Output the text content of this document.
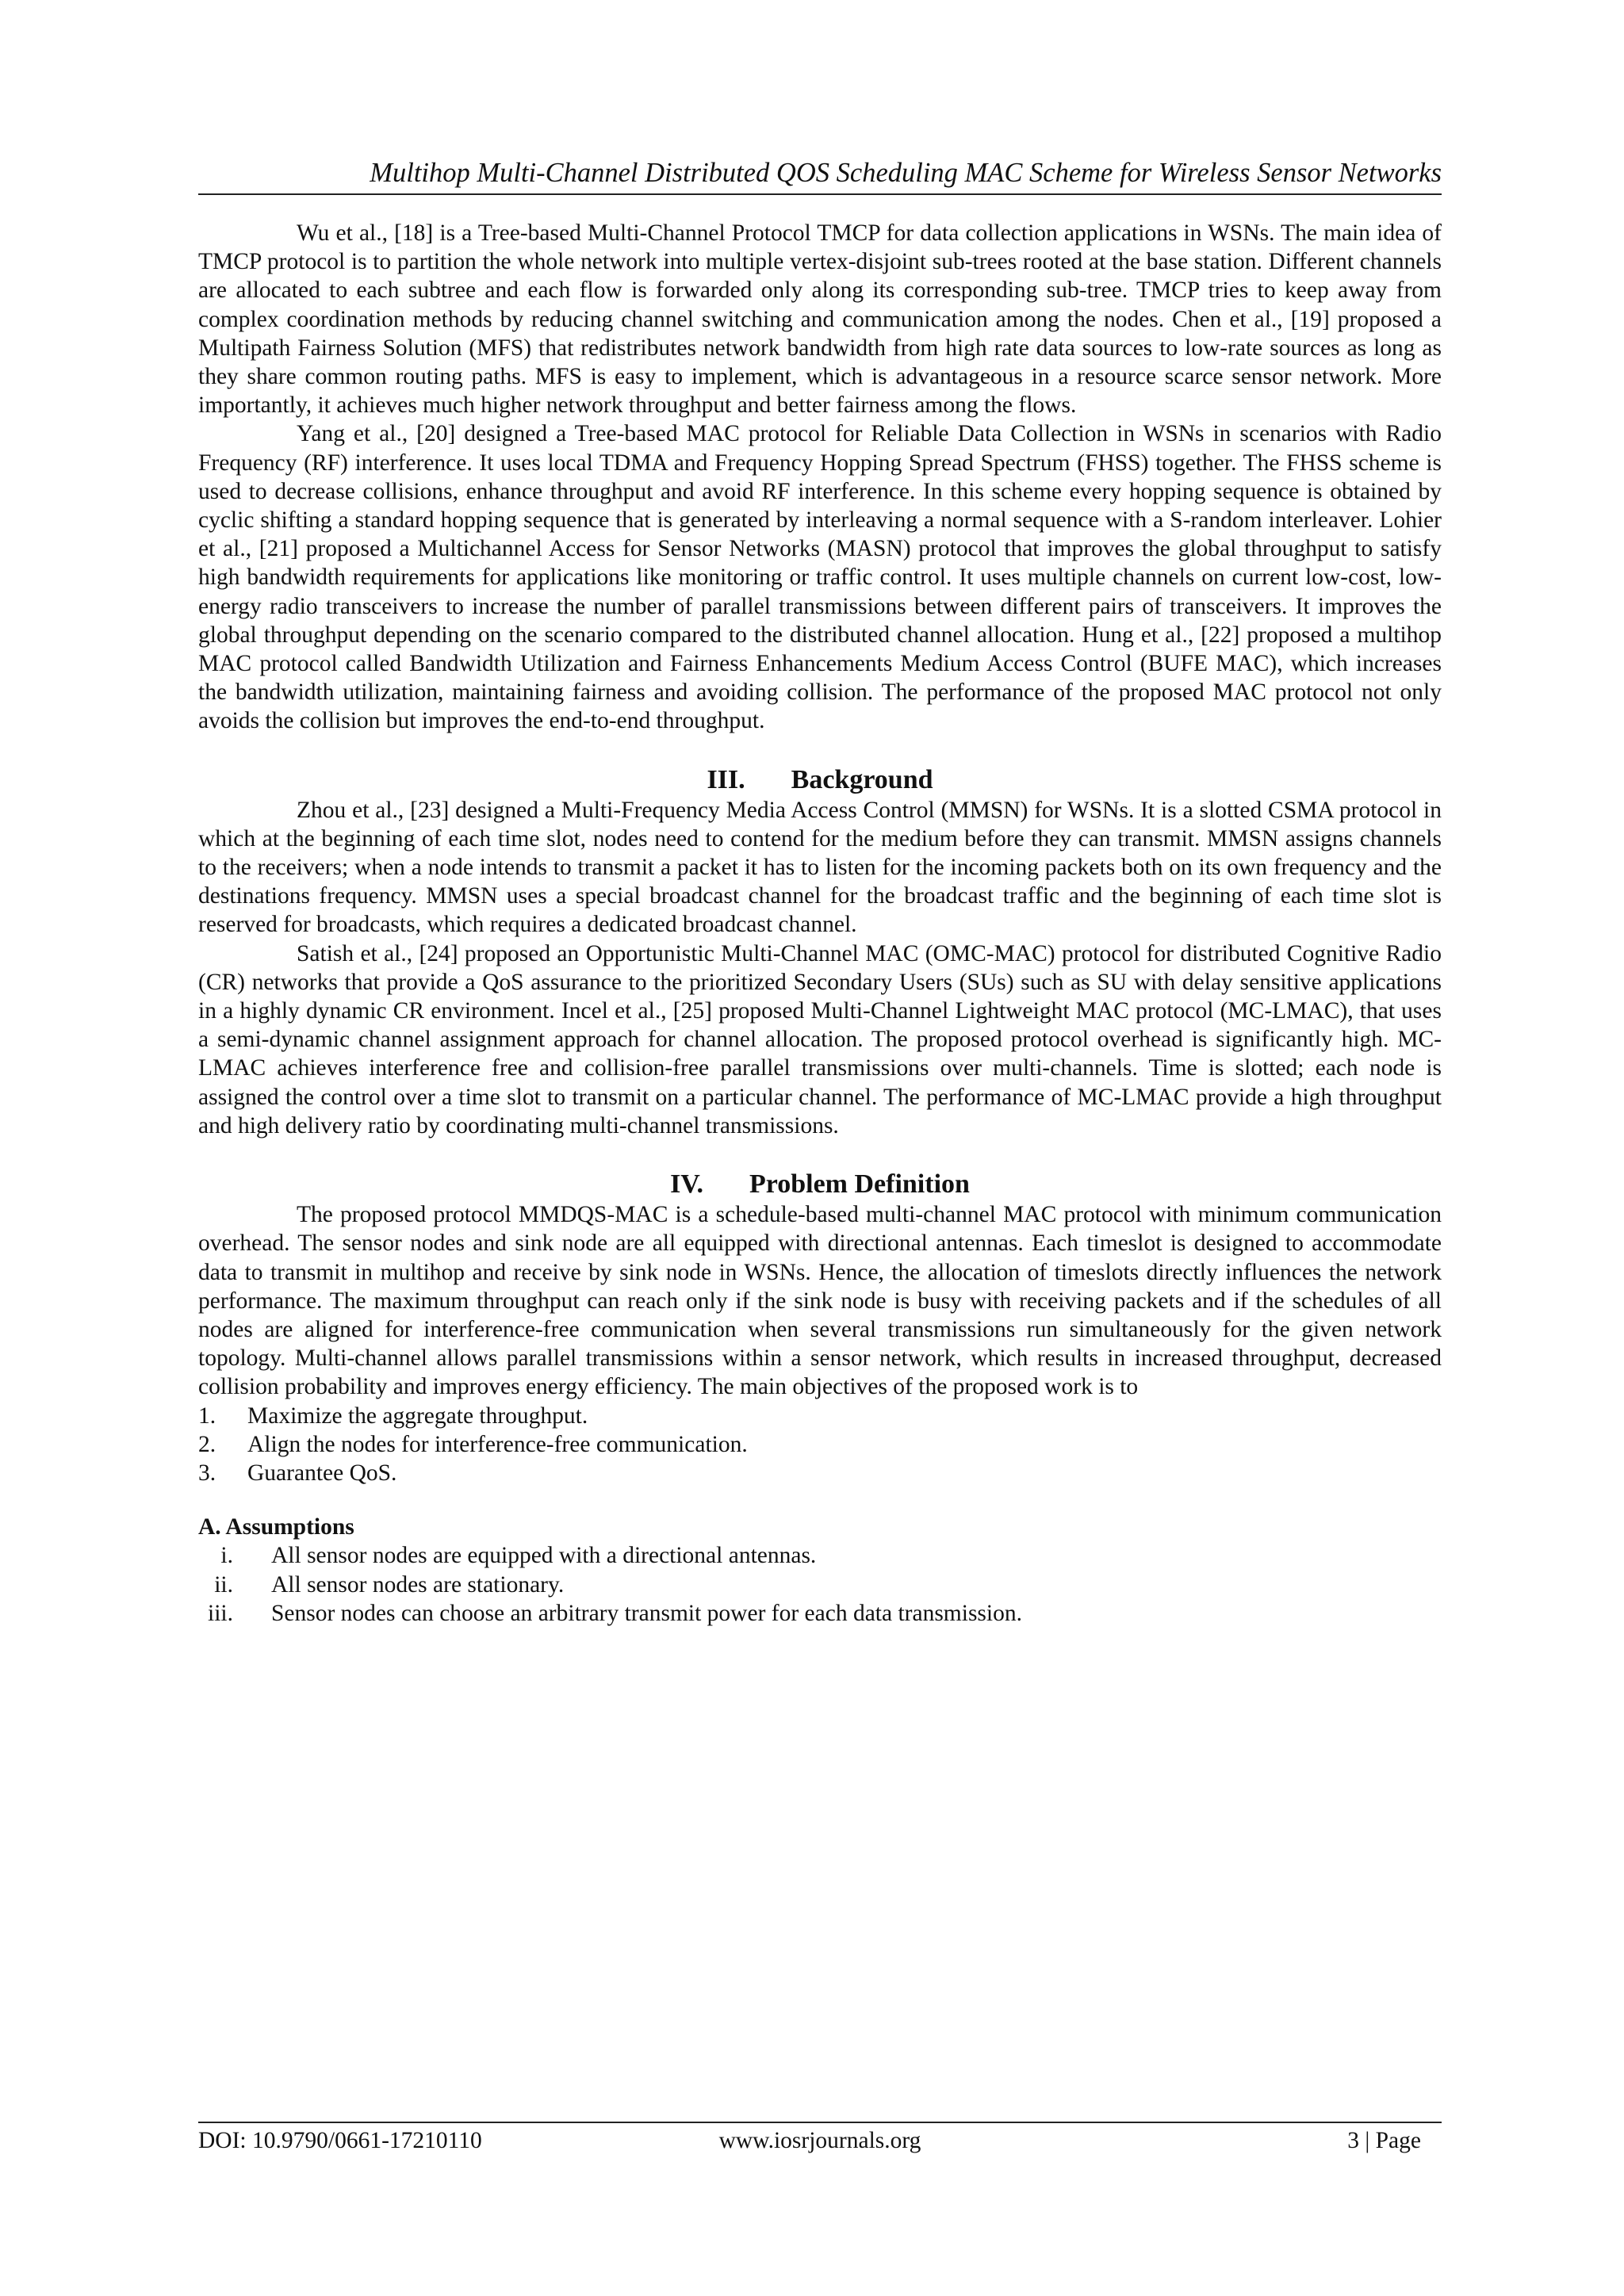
Multihop Multi-Channel Distributed QOS Scheduling MAC Scheme for Wireless Sensor Networks

Wu et al., [18] is a Tree-based Multi-Channel Protocol TMCP for data collection applications in WSNs. The main idea of TMCP protocol is to partition the whole network into multiple vertex-disjoint sub-trees rooted at the base station. Different channels are allocated to each subtree and each flow is forwarded only along its corresponding sub-tree. TMCP tries to keep away from complex coordination methods by reducing channel switching and communication among the nodes. Chen et al., [19] proposed a Multipath Fairness Solution (MFS) that redistributes network bandwidth from high rate data sources to low-rate sources as long as they share common routing paths. MFS is easy to implement, which is advantageous in a resource scarce sensor network. More importantly, it achieves much higher network throughput and better fairness among the flows.

Yang et al., [20] designed a Tree-based MAC protocol for Reliable Data Collection in WSNs in scenarios with Radio Frequency (RF) interference. It uses local TDMA and Frequency Hopping Spread Spectrum (FHSS) together. The FHSS scheme is used to decrease collisions, enhance throughput and avoid RF interference. In this scheme every hopping sequence is obtained by cyclic shifting a standard hopping sequence that is generated by interleaving a normal sequence with a S-random interleaver. Lohier et al., [21] proposed a Multichannel Access for Sensor Networks (MASN) protocol that improves the global throughput to satisfy high bandwidth requirements for applications like monitoring or traffic control. It uses multiple channels on current low-cost, low-energy radio transceivers to increase the number of parallel transmissions between different pairs of transceivers. It improves the global throughput depending on the scenario compared to the distributed channel allocation. Hung et al., [22] proposed a multihop MAC protocol called Bandwidth Utilization and Fairness Enhancements Medium Access Control (BUFE MAC), which increases the bandwidth utilization, maintaining fairness and avoiding collision. The performance of the proposed MAC protocol not only avoids the collision but improves the end-to-end throughput.

III. Background

Zhou et al., [23] designed a Multi-Frequency Media Access Control (MMSN) for WSNs. It is a slotted CSMA protocol in which at the beginning of each time slot, nodes need to contend for the medium before they can transmit. MMSN assigns channels to the receivers; when a node intends to transmit a packet it has to listen for the incoming packets both on its own frequency and the destinations frequency. MMSN uses a special broadcast channel for the broadcast traffic and the beginning of each time slot is reserved for broadcasts, which requires a dedicated broadcast channel.

Satish et al., [24] proposed an Opportunistic Multi-Channel MAC (OMC-MAC) protocol for distributed Cognitive Radio (CR) networks that provide a QoS assurance to the prioritized Secondary Users (SUs) such as SU with delay sensitive applications in a highly dynamic CR environment. Incel et al., [25] proposed Multi-Channel Lightweight MAC protocol (MC-LMAC), that uses a semi-dynamic channel assignment approach for channel allocation. The proposed protocol overhead is significantly high. MC-LMAC achieves interference free and collision-free parallel transmissions over multi-channels. Time is slotted; each node is assigned the control over a time slot to transmit on a particular channel. The performance of MC-LMAC provide a high throughput and high delivery ratio by coordinating multi-channel transmissions.

IV. Problem Definition

The proposed protocol MMDQS-MAC is a schedule-based multi-channel MAC protocol with minimum communication overhead. The sensor nodes and sink node are all equipped with directional antennas. Each timeslot is designed to accommodate data to transmit in multihop and receive by sink node in WSNs. Hence, the allocation of timeslots directly influences the network performance. The maximum throughput can reach only if the sink node is busy with receiving packets and if the schedules of all nodes are aligned for interference-free communication when several transmissions run simultaneously for the given network topology. Multi-channel allows parallel transmissions within a sensor network, which results in increased throughput, decreased collision probability and improves energy efficiency. The main objectives of the proposed work is to

1.	Maximize the aggregate throughput.
2.	Align the nodes for interference-free communication.
3.	Guarantee QoS.
A. Assumptions
i. All sensor nodes are equipped with a directional antennas.
ii. All sensor nodes are stationary.
iii. Sensor nodes can choose an arbitrary transmit power for each data transmission.
DOI: 10.9790/0661-17210110	www.iosrjournals.org	3 | Page
